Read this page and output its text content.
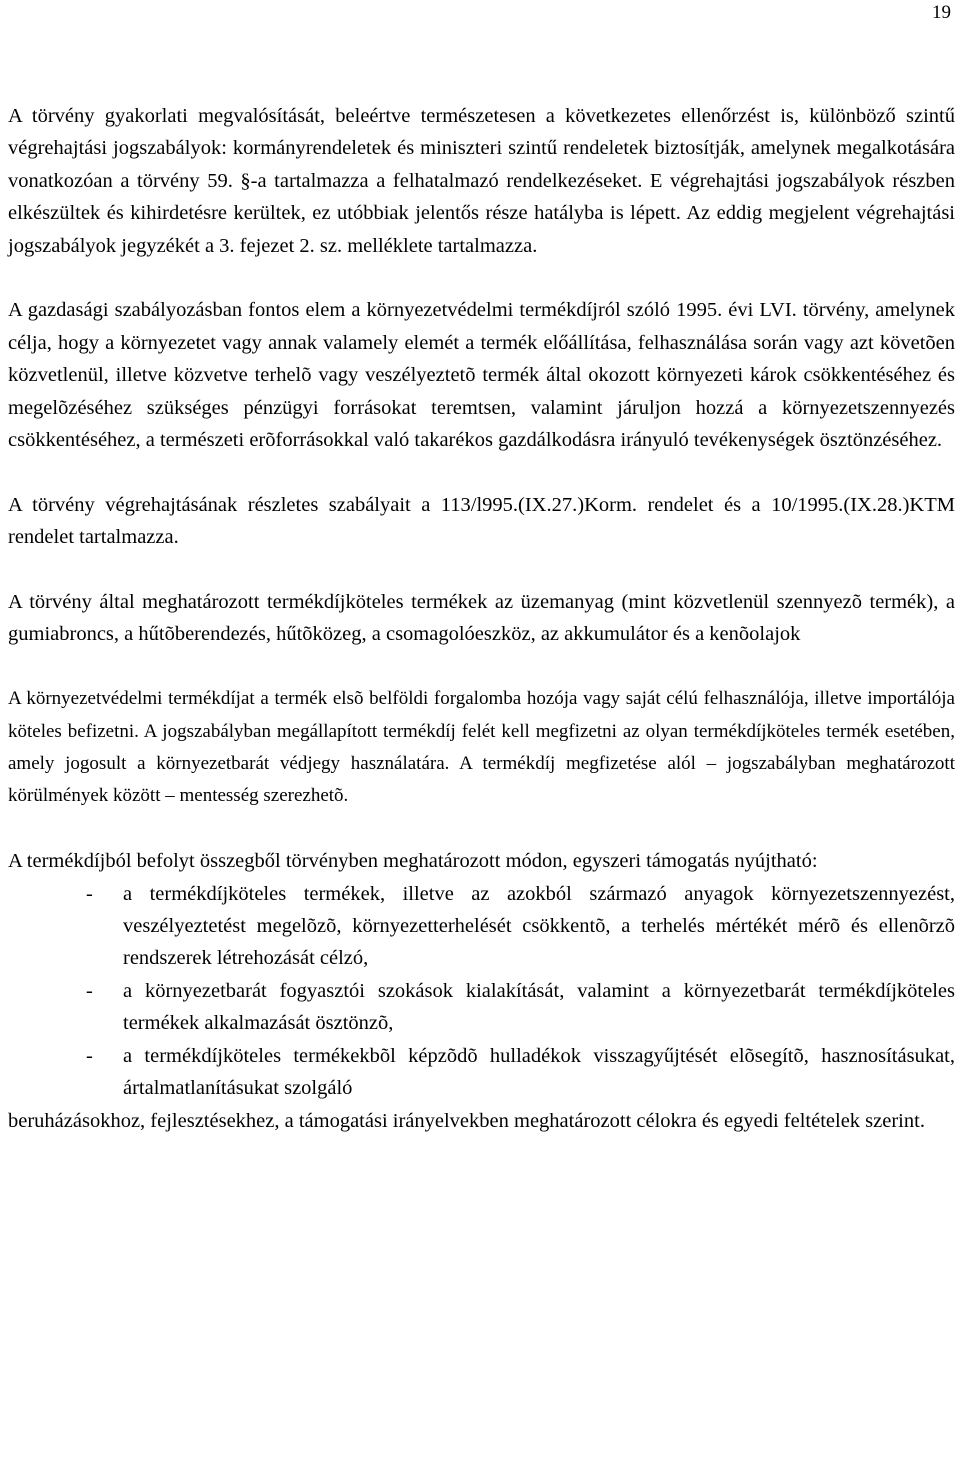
19

A törvény gyakorlati megvalósítását, beleértve természetesen a következetes ellenőrzést is, különböző szintű végrehajtási jogszabályok: kormányrendeletek és miniszteri szintű rendeletek biztosítják, amelynek megalkotására vonatkozóan a törvény 59. §-a tartalmazza a felhatalmazó rendelkezéseket. E végrehajtási jogszabályok részben elkészültek és kihirdetésre kerültek, ez utóbbiak jelentős része hatályba is lépett. Az eddig megjelent végrehajtási jogszabályok jegyzékét a 3. fejezet 2. sz. melléklete tartalmazza.

A gazdasági szabályozásban fontos elem a környezetvédelmi termékdíjról szóló 1995. évi LVI. törvény, amelynek célja, hogy a környezetet vagy annak valamely elemét a termék előállítása, felhasználása során vagy azt követõen közvetlenül, illetve közvetve terhelõ vagy veszélyeztetõ termék által okozott környezeti károk csökkentéséhez és megelõzéséhez szükséges pénzügyi forrásokat teremtsen, valamint járuljon hozzá a környezetszennyezés csökkentéséhez, a természeti erõforrásokkal való takarékos gazdálkodásra irányuló tevékenységek ösztönzéséhez.

A törvény végrehajtásának részletes szabályait a 113/l995.(IX.27.)Korm. rendelet és a 10/1995.(IX.28.)KTM rendelet tartalmazza.

A törvény által meghatározott termékdíjköteles termékek az üzemanyag (mint közvetlenül szennyezõ termék), a gumiabroncs, a hűtõberendezés, hűtõközeg, a csomagolóeszköz, az akkumulátor és a kenõolajok

A környezetvédelmi termékdíjat a termék elsõ belföldi forgalomba hozója vagy saját célú felhasználója, illetve importálója köteles befizetni. A jogszabályban megállapított termékdíj felét kell megfizetni az olyan termékdíjköteles termék esetében, amely jogosult a környezetbarát védjegy használatára. A termékdíj megfizetése alól – jogszabályban meghatározott körülmények között – mentesség szerezhetõ.

A termékdíjból befolyt összegből törvényben meghatározott módon, egyszeri támogatás nyújtható:

- a termékdíjköteles termékek, illetve az azokból származó anyagok környezetszennyezést, veszélyeztetést megelõzõ, környezetterhelését csökkentõ, a terhelés mértékét mérõ és ellenõrzõ rendszerek létrehozását célzó,
- a környezetbarát fogyasztói szokások kialakítását, valamint a környezetbarát termékdíjköteles termékek alkalmazását ösztönzõ,
- a termékdíjköteles termékekbõl képzõdõ hulladékok visszagyűjtését elõsegítõ, hasznosításukat, ártalmatlanításukat szolgáló

beruházásokhoz, fejlesztésekhez, a támogatási irányelvekben meghatározott célokra és egyedi feltételek szerint.
